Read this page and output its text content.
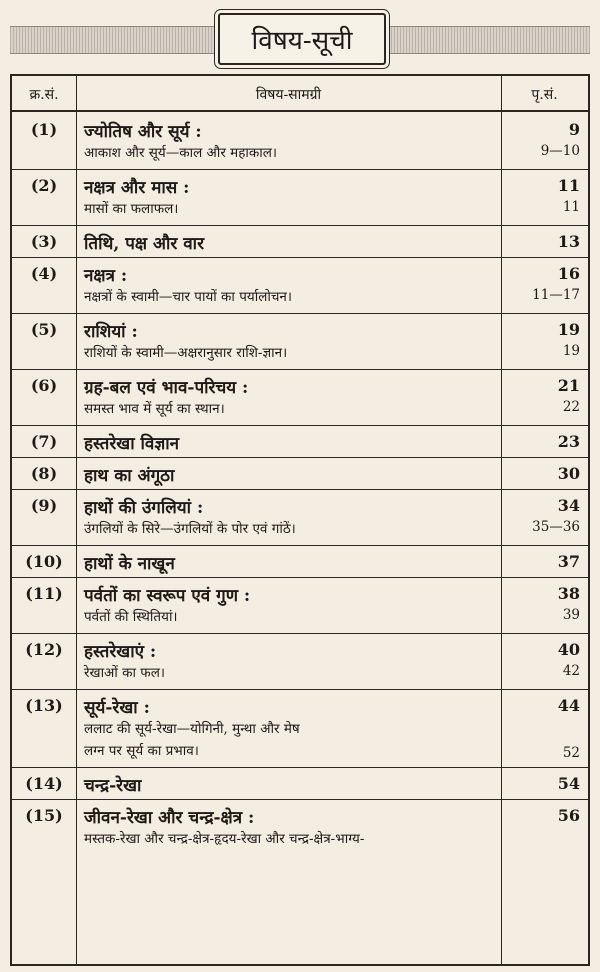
विषय-सूची
क्र.सं.	विषय-सामग्री	पृ.सं.
(1)	ज्योतिष और सूर्य :	9
आकाश और सूर्य—काल और महाकाल।	9—10
(2)	नक्षत्र और मास :	11
मासों का फलाफल।	11
(3)	तिथि, पक्ष और वार	13
(4)	नक्षत्र :	16
नक्षत्रों के स्वामी—चार पायों का पर्यालोचन।	11—17
(5)	राशियां :	19
राशियों के स्वामी—अक्षरानुसार राशि-ज्ञान।	19
(6)	ग्रह-बल एवं भाव-परिचय :	21
समस्त भाव में सूर्य का स्थान।	22
(7)	हस्तरेखा विज्ञान	23
(8)	हाथ का अंगूठा	30
(9)	हाथों की उंगलियां :	34
उंगलियों के सिरे—उंगलियों के पोर एवं गांठें।	35—36
(10)	हाथों के नाखून	37
(11)	पर्वतों का स्वरूप एवं गुण :	38
पर्वतों की स्थितियां।	39
(12)	हस्तरेखाएं :	40
रेखाओं का फल।	42
(13)	सूर्य-रेखा :	44
ललाट की सूर्य-रेखा—योगिनी, मुन्था और मेष
लग्न पर सूर्य का प्रभाव।	52
(14)	चन्द्र-रेखा	54
(15)	जीवन-रेखा और चन्द्र-क्षेत्र :	56
मस्तक-रेखा और चन्द्र-क्षेत्र-हृदय-रेखा और चन्द्र-क्षेत्र-भाग्य-
